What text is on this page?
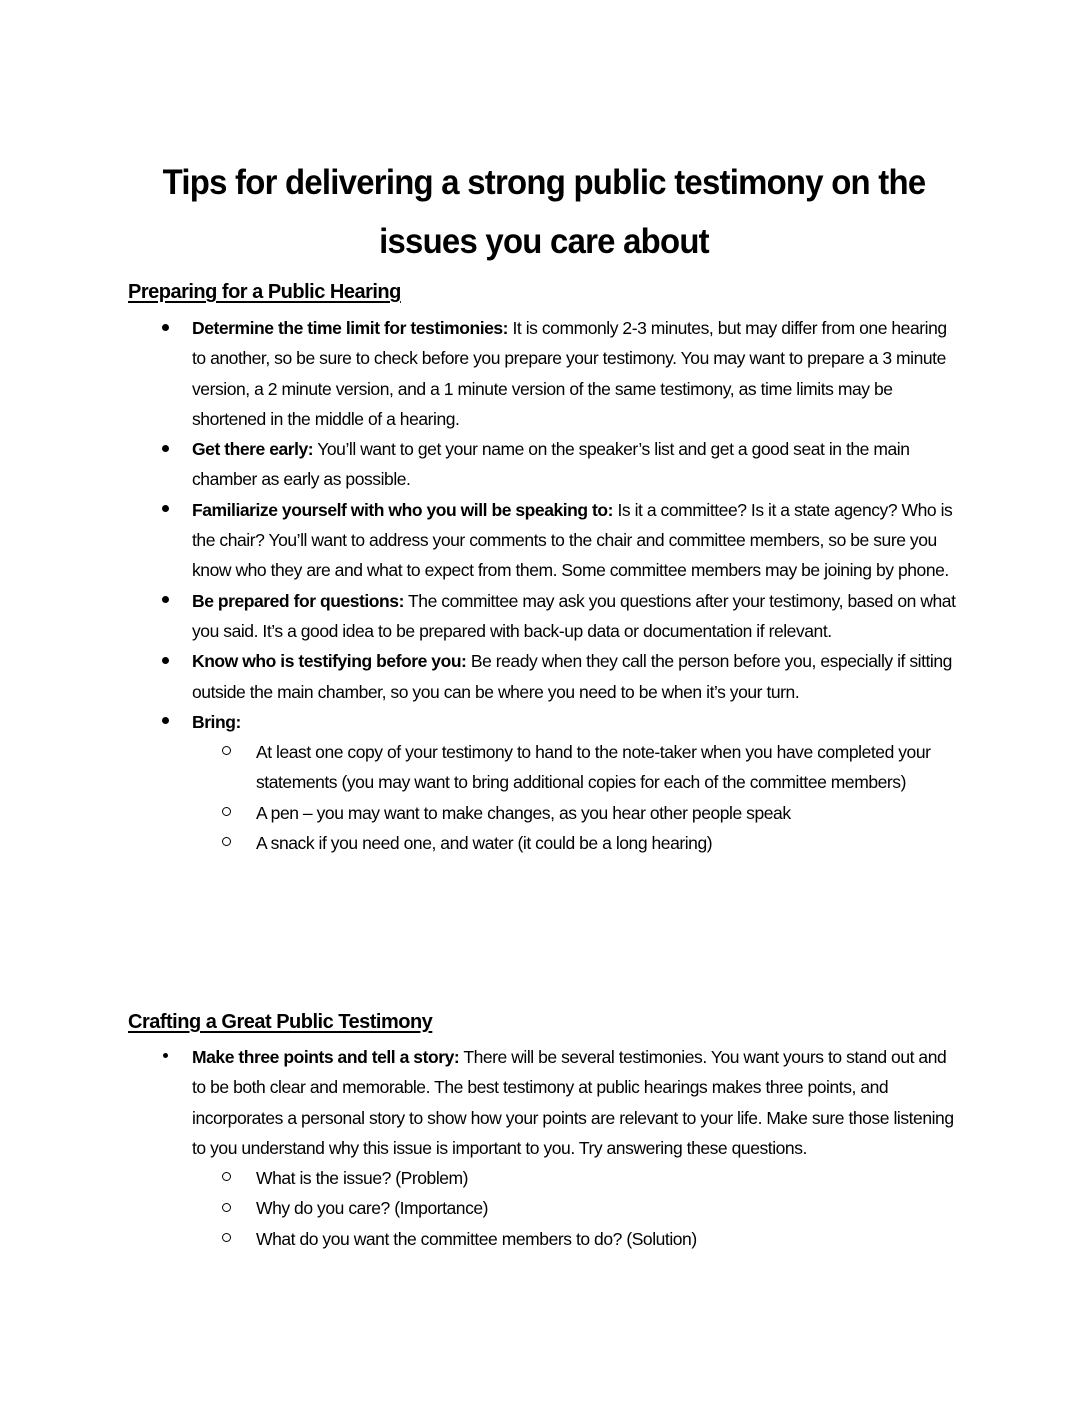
Tips for delivering a strong public testimony on the issues you care about
Preparing for a Public Hearing
Determine the time limit for testimonies: It is commonly 2-3 minutes, but may differ from one hearing to another, so be sure to check before you prepare your testimony. You may want to prepare a 3 minute version, a 2 minute version, and a 1 minute version of the same testimony, as time limits may be shortened in the middle of a hearing.
Get there early: You’ll want to get your name on the speaker’s list and get a good seat in the main chamber as early as possible.
Familiarize yourself with who you will be speaking to: Is it a committee? Is it a state agency? Who is the chair? You’ll want to address your comments to the chair and committee members, so be sure you know who they are and what to expect from them. Some committee members may be joining by phone.
Be prepared for questions: The committee may ask you questions after your testimony, based on what you said. It’s a good idea to be prepared with back-up data or documentation if relevant.
Know who is testifying before you: Be ready when they call the person before you, especially if sitting outside the main chamber, so you can be where you need to be when it’s your turn.
Bring:
At least one copy of your testimony to hand to the note-taker when you have completed your statements (you may want to bring additional copies for each of the committee members)
A pen – you may want to make changes, as you hear other people speak
A snack if you need one, and water (it could be a long hearing)
Crafting a Great Public Testimony
Make three points and tell a story: There will be several testimonies. You want yours to stand out and to be both clear and memorable. The best testimony at public hearings makes three points, and incorporates a personal story to show how your points are relevant to your life. Make sure those listening to you understand why this issue is important to you. Try answering these questions.
What is the issue? (Problem)
Why do you care? (Importance)
What do you want the committee members to do? (Solution)
